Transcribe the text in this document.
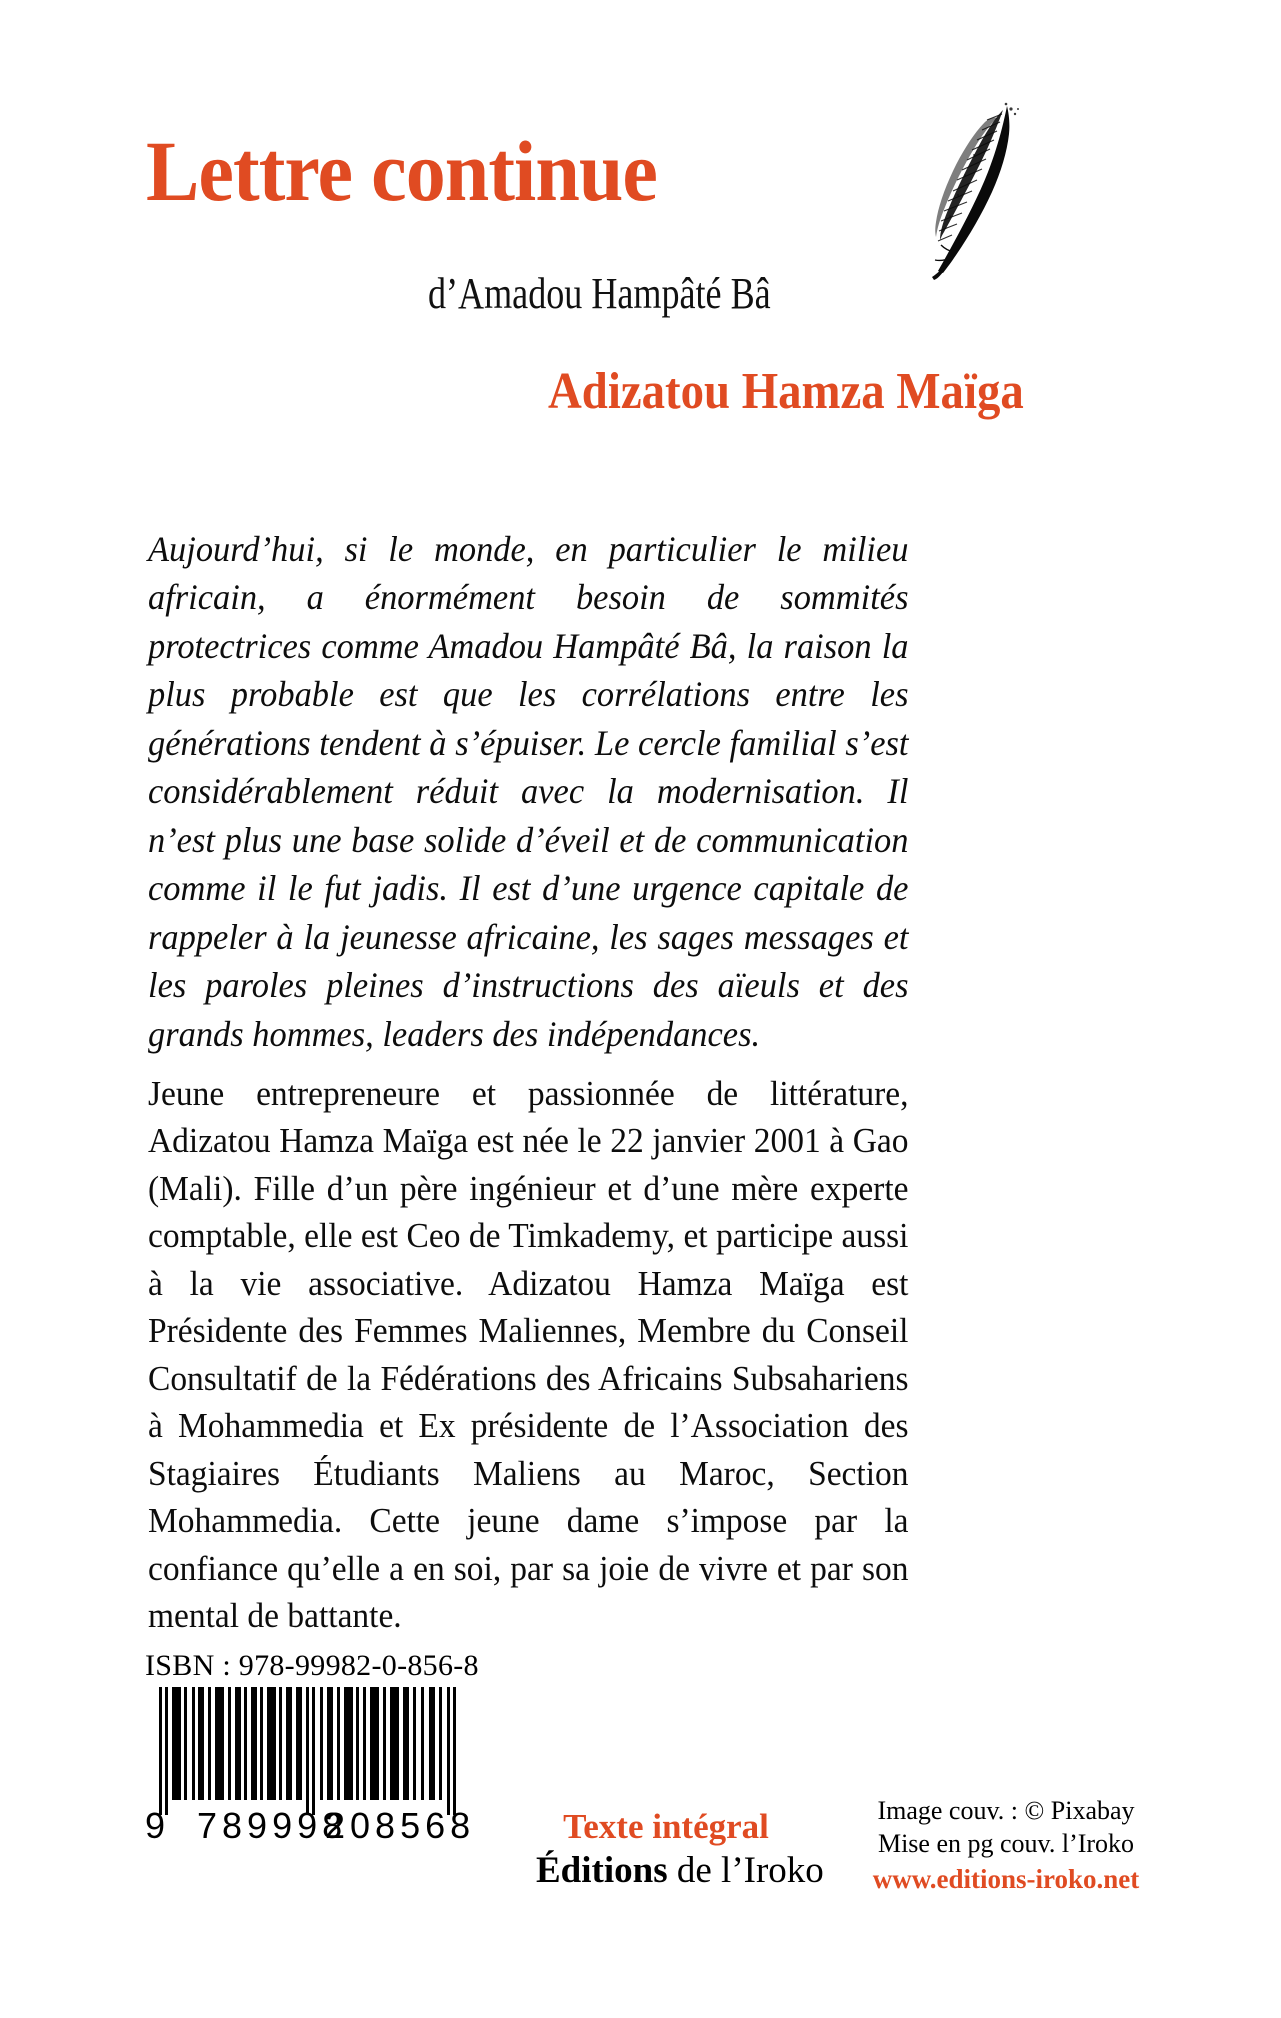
Lettre continue
d’Amadou Hampâté Bâ
Adizatou Hamza Maïga

Aujourd’hui, si le monde, en particulier le milieu africain, a énormément besoin de sommités protectrices comme Amadou Hampâté Bâ, la raison la plus probable est que les corrélations entre les générations tendent à s’épuiser. Le cercle familial s’est considérablement réduit avec la modernisation. Il n’est plus une base solide d’éveil et de communication comme il le fut jadis. Il est d’une urgence capitale de rappeler à la jeunesse africaine, les sages messages et les paroles pleines d’instructions des aïeuls et des grands hommes, leaders des indépendances.

Jeune entrepreneure et passionnée de littérature, Adizatou Hamza Maïga est née le 22 janvier 2001 à Gao (Mali). Fille d’un père ingénieur et d’une mère experte comptable, elle est Ceo de Timkademy, et participe aussi à la vie associative. Adizatou Hamza Maïga est Présidente des Femmes Maliennes, Membre du Conseil Consultatif de la Fédérations des Africains Subsahariens à Mohammedia et Ex présidente de l’Association des Stagiaires Étudiants Maliens au Maroc, Section Mohammedia. Cette jeune dame s’impose par la confiance qu’elle a en soi, par sa joie de vivre et par son mental de battante.

ISBN : 978-99982-0-856-8
9 789998
208568	Texte intégral
Éditions de l’Iroko
Image couv. : © Pixabay
Mise en pg couv. l’Iroko
www.editions-iroko.net
